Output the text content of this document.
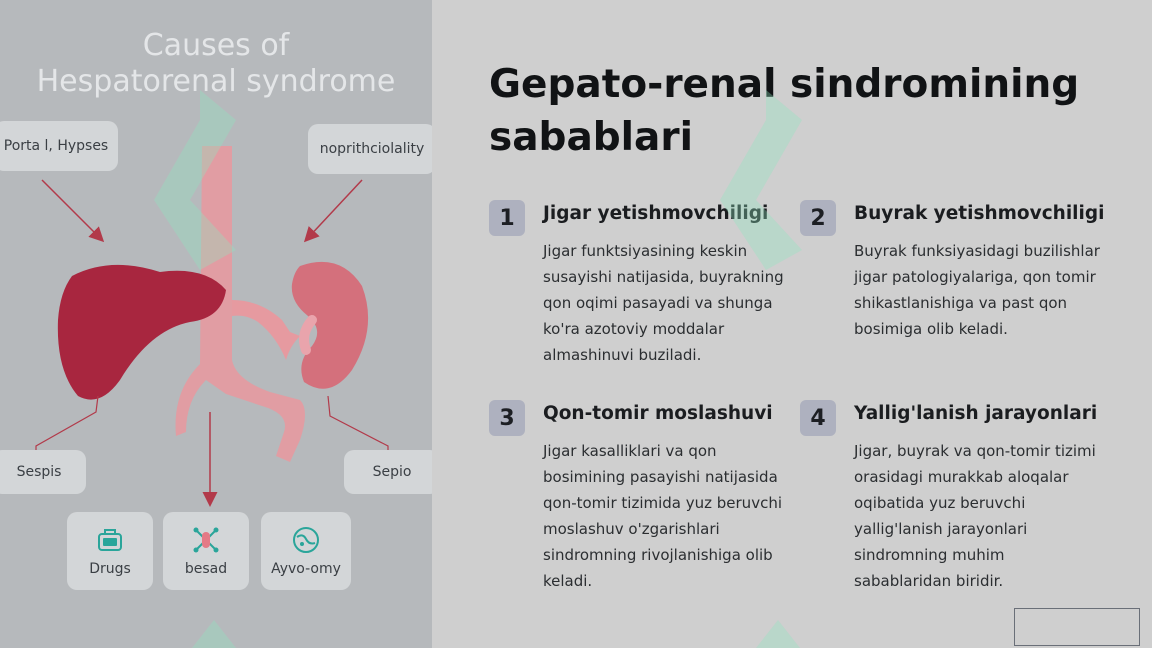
Causes of
Hespatorenal syndrome
Porta l, Hypses	noprithciolality
Sespis	Sepio
Drugs	besad	Ayvo-omy
Gepato-renal sindromining sabablari
1	Jigar yetishmovchiligi
Jigar funktsiyasining keskin susayishi natijasida, buyrakning qon oqimi pasayadi va shunga ko'ra azotoviy moddalar almashinuvi buziladi.
2	Buyrak yetishmovchiligi
Buyrak funksiyasidagi buzilishlar jigar patologiyalariga, qon tomir shikastlanishiga va past qon bosimiga olib keladi.
3	Qon-tomir moslashuvi
Jigar kasalliklari va qon bosimining pasayishi natijasida qon-tomir tizimida yuz beruvchi moslashuv o'zgarishlari sindromning rivojlanishiga olib keladi.
4	Yallig'lanish jarayonlari
Jigar, buyrak va qon-tomir tizimi orasidagi murakkab aloqalar oqibatida yuz beruvchi yallig'lanish jarayonlari sindromning muhim sabablaridan biridir.
